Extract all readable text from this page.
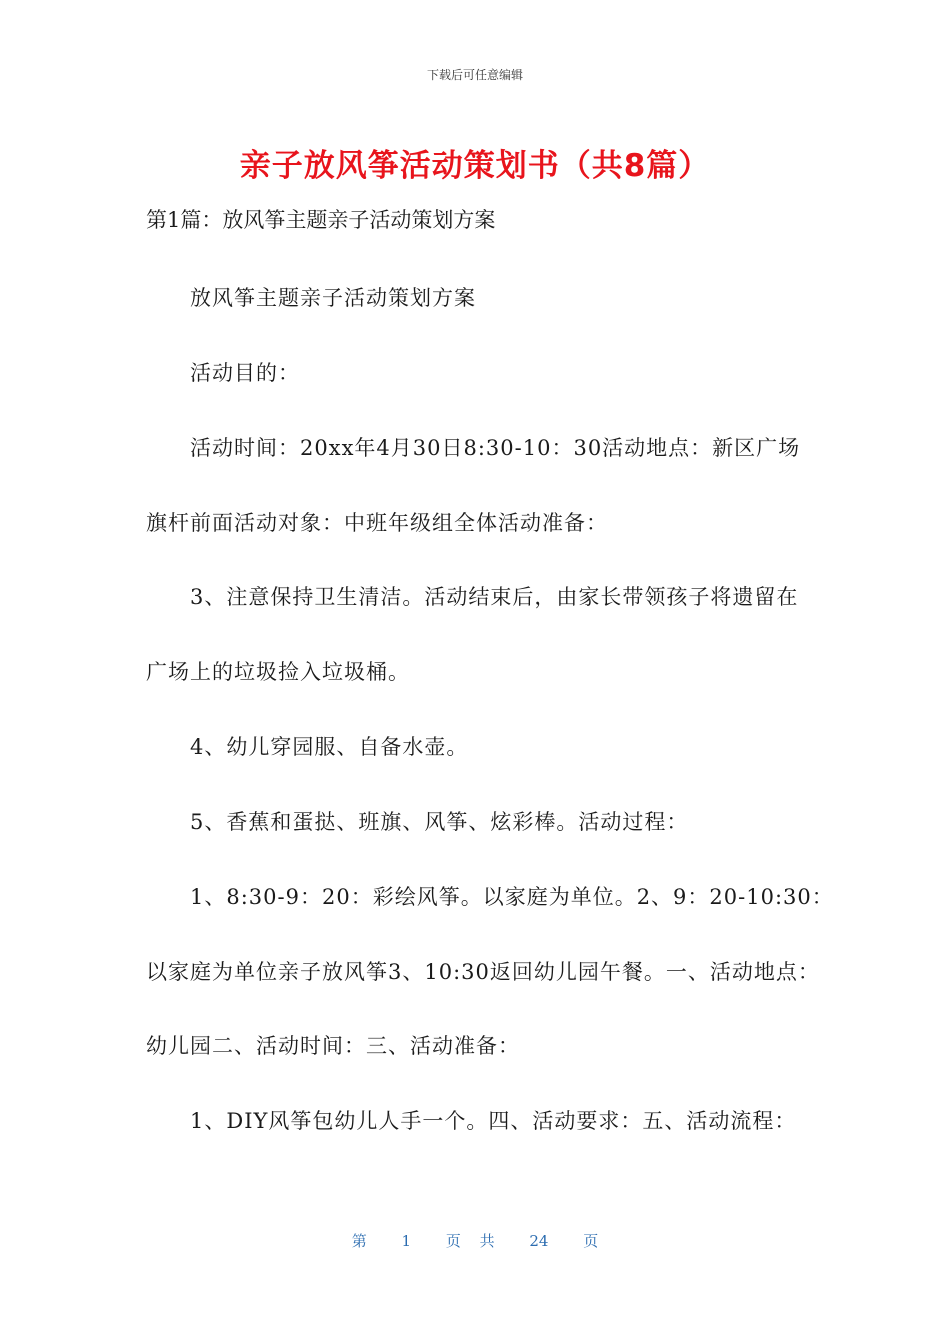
下载后可任意编辑
亲子放风筝活动策划书（共8篇）
第1篇：放风筝主题亲子活动策划方案
放风筝主题亲子活动策划方案
活动目的：
活动时间：20xx年4月30日8:30-10：30活动地点：新区广场
旗杆前面活动对象：中班年级组全体活动准备：
3、注意保持卫生清洁。活动结束后，由家长带领孩子将遗留在
广场上的垃圾捡入垃圾桶。
4、幼儿穿园服、自备水壶。
5、香蕉和蛋挞、班旗、风筝、炫彩棒。活动过程：
1、8:30-9：20：彩绘风筝。以家庭为单位。2、9：20-10:30：
以家庭为单位亲子放风筝3、10:30返回幼儿园午餐。一、活动地点：
幼儿园二、活动时间：三、活动准备：
1、DIY风筝包幼儿人手一个。四、活动要求：五、活动流程：
第 1 页 共 24 页
